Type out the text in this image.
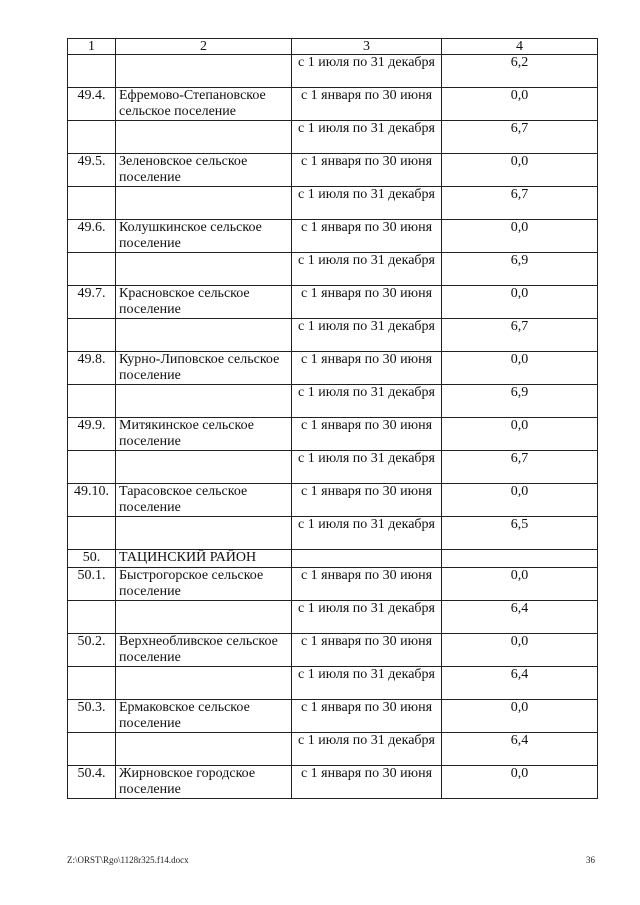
1	2	3	4
		с 1 июля по 31 декабря	6,2
49.4.	Ефремово-Степановское сельское поселение	с 1 января по 30 июня	0,0
		с 1 июля по 31 декабря	6,7
49.5.	Зеленовское сельское поселение	с 1 января по 30 июня	0,0
		с 1 июля по 31 декабря	6,7
49.6.	Колушкинское сельское поселение	с 1 января по 30 июня	0,0
		с 1 июля по 31 декабря	6,9
49.7.	Красновское сельское поселение	с 1 января по 30 июня	0,0
		с 1 июля по 31 декабря	6,7
49.8.	Курно-Липовское сельское поселение	с 1 января по 30 июня	0,0
		с 1 июля по 31 декабря	6,9
49.9.	Митякинское сельское поселение	с 1 января по 30 июня	0,0
		с 1 июля по 31 декабря	6,7
49.10.	Тарасовское сельское поселение	с 1 января по 30 июня	0,0
		с 1 июля по 31 декабря	6,5
50.	ТАЦИНСКИЙ РАЙОН		
50.1.	Быстрогорское сельское поселение	с 1 января по 30 июня	0,0
		с 1 июля по 31 декабря	6,4
50.2.	Верхнеобливское сельское поселение	с 1 января по 30 июня	0,0
		с 1 июля по 31 декабря	6,4
50.3.	Ермаковское сельское поселение	с 1 января по 30 июня	0,0
		с 1 июля по 31 декабря	6,4
50.4.	Жирновское городское поселение	с 1 января по 30 июня	0,0
Z:\ORST\Rgo\1128r325.f14.docx	36
